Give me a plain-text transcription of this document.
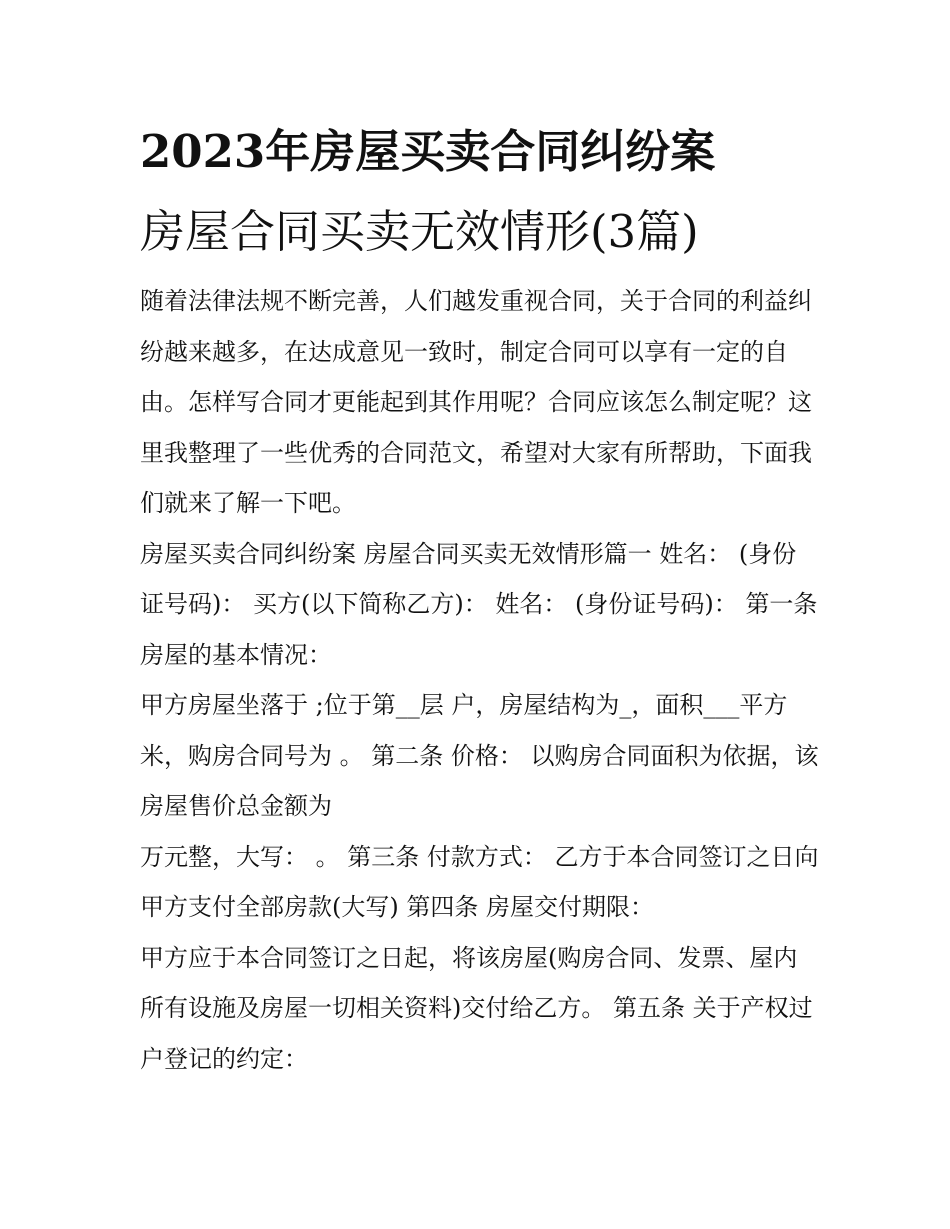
2023年房屋买卖合同纠纷案

房屋合同买卖无效情形(3篇)

随着法律法规不断完善，人们越发重视合同，关于合同的利益纠纷越来越多，在达成意见一致时，制定合同可以享有一定的自由。怎样写合同才更能起到其作用呢？合同应该怎么制定呢？这里我整理了一些优秀的合同范文，希望对大家有所帮助，下面我们就来了解一下吧。

房屋买卖合同纠纷案 房屋合同买卖无效情形篇一 姓名： (身份证号码)： 买方(以下简称乙方)： 姓名： (身份证号码)： 第一条 房屋的基本情况：

甲方房屋坐落于 ;位于第__层 户，房屋结构为_，面积___平方米，购房合同号为 。 第二条 价格： 以购房合同面积为依据，该房屋售价总金额为

万元整，大写： 。 第三条 付款方式： 乙方于本合同签订之日向甲方支付全部房款(大写) 第四条 房屋交付期限：

甲方应于本合同签订之日起，将该房屋(购房合同、发票、屋内所有设施及房屋一切相关资料)交付给乙方。 第五条 关于产权过户登记的约定：
